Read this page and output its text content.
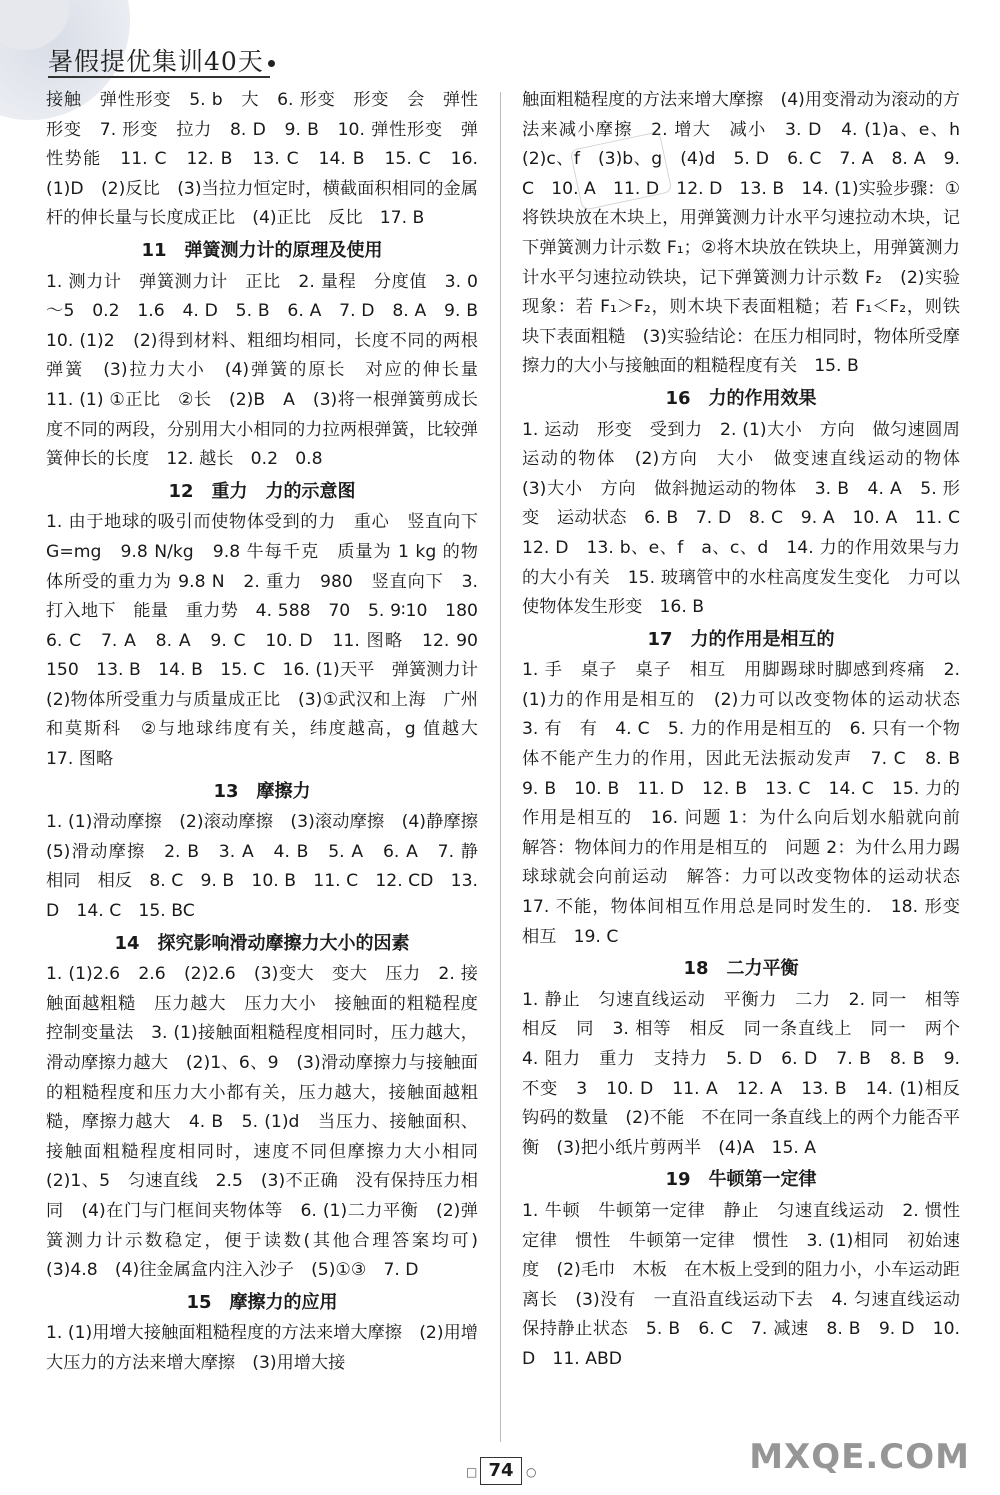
暑假提优集训40天
接触　弹性形变　5. b　大　6. 形变　形变　会　弹性形变　7. 形变　拉力　8. D　9. B　10. 弹性形变　弹性势能　11. C　12. B　13. C　14. B　15. C　16. (1)D　(2)反比　(3)当拉力恒定时，横截面积相同的金属杆的伸长量与长度成正比　(4)正比　反比　17. B
11　弹簧测力计的原理及使用
1. 测力计　弹簧测力计　正比　2. 量程　分度值　3. 0～5　0.2　1.6　4. D　5. B　6. A　7. D　8. A　9. B　10. (1)2　(2)得到材料、粗细均相同，长度不同的两根弹簧　(3)拉力大小　(4)弹簧的原长　对应的伸长量　11. (1) ①正比　②长　(2)B　A　(3)将一根弹簧剪成长度不同的两段，分别用大小相同的力拉两根弹簧，比较弹簧伸长的长度　12. 越长　0.2　0.8
12　重力　力的示意图
1. 由于地球的吸引而使物体受到的力　重心　竖直向下　G=mg　9.8 N/kg　9.8 牛每千克　质量为 1 kg 的物体所受的重力为 9.8 N　2. 重力　980　竖直向下　3. 打入地下　能量　重力势　4. 588　70　5. 9∶10　180　6. C　7. A　8. A　9. C　10. D　11. 图略　12. 90　150　13. B　14. B　15. C　16. (1)天平　弹簧测力计　(2)物体所受重力与质量成正比　(3)①武汉和上海　广州和莫斯科　②与地球纬度有关，纬度越高，g 值越大　17. 图略
13　摩擦力
1. (1)滑动摩擦　(2)滚动摩擦　(3)滚动摩擦　(4)静摩擦　(5)滑动摩擦　2. B　3. A　4. B　5. A　6. A　7. 静　相同　相反　8. C　9. B　10. B　11. C　12. CD　13. D　14. C　15. BC
14　探究影响滑动摩擦力大小的因素
1. (1)2.6　2.6　(2)2.6　(3)变大　变大　压力　2. 接触面越粗糙　压力越大　压力大小　接触面的粗糙程度　控制变量法　3. (1)接触面粗糙程度相同时，压力越大，滑动摩擦力越大　(2)1、6、9　(3)滑动摩擦力与接触面的粗糙程度和压力大小都有关，压力越大，接触面越粗糙，摩擦力越大　4. B　5. (1)d　当压力、接触面积、接触面粗糙程度相同时，速度不同但摩擦力大小相同　(2)1、5　匀速直线　2.5　(3)不正确　没有保持压力相同　(4)在门与门框间夹物体等　6. (1)二力平衡　(2)弹簧测力计示数稳定，便于读数(其他合理答案均可)　(3)4.8　(4)往金属盒内注入沙子　(5)①③　7. D
15　摩擦力的应用
1. (1)用增大接触面粗糙程度的方法来增大摩擦　(2)用增大压力的方法来增大摩擦　(3)用增大接
触面粗糙程度的方法来增大摩擦　(4)用变滑动为滚动的方法来减小摩擦　2. 增大　减小　3. D　4. (1)a、e、h　(2)c、f　(3)b、g　(4)d　5. D　6. C　7. A　8. A　9. C　10. A　11. D　12. D　13. B　14. (1)实验步骤：①将铁块放在木块上，用弹簧测力计水平匀速拉动木块，记下弹簧测力计示数 F₁；②将木块放在铁块上，用弹簧测力计水平匀速拉动铁块，记下弹簧测力计示数 F₂　(2)实验现象：若 F₁＞F₂，则木块下表面粗糙；若 F₁＜F₂，则铁块下表面粗糙　(3)实验结论：在压力相同时，物体所受摩擦力的大小与接触面的粗糙程度有关　15. B
16　力的作用效果
1. 运动　形变　受到力　2. (1)大小　方向　做匀速圆周运动的物体　(2)方向　大小　做变速直线运动的物体　(3)大小　方向　做斜抛运动的物体　3. B　4. A　5. 形变　运动状态　6. B　7. D　8. C　9. A　10. A　11. C　12. D　13. b、e、f　a、c、d　14. 力的作用效果与力的大小有关　15. 玻璃管中的水柱高度发生变化　力可以使物体发生形变　16. B
17　力的作用是相互的
1. 手　桌子　桌子　相互　用脚踢球时脚感到疼痛　2. (1)力的作用是相互的　(2)力可以改变物体的运动状态　3. 有　有　4. C　5. 力的作用是相互的　6. 只有一个物体不能产生力的作用，因此无法振动发声　7. C　8. B　9. B　10. B　11. D　12. B　13. C　14. C　15. 力的作用是相互的　16. 问题 1：为什么向后划水船就向前　解答：物体间力的作用是相互的　问题 2：为什么用力踢球球就会向前运动　解答：力可以改变物体的运动状态　17. 不能，物体间相互作用总是同时发生的.　18. 形变　相互　19. C
18　二力平衡
1. 静止　匀速直线运动　平衡力　二力　2. 同一　相等　相反　同　3. 相等　相反　同一条直线上　同一　两个　4. 阻力　重力　支持力　5. D　6. D　7. B　8. B　9. 不变　3　10. D　11. A　12. A　13. B　14. (1)相反　钩码的数量　(2)不能　不在同一条直线上的两个力能否平衡　(3)把小纸片剪两半　(4)A　15. A
19　牛顿第一定律
1. 牛顿　牛顿第一定律　静止　匀速直线运动　2. 惯性定律　惯性　牛顿第一定律　惯性　3. (1)相同　初始速度　(2)毛巾　木板　在木板上受到的阻力小，小车运动距离长　(3)没有　一直沿直线运动下去　4. 匀速直线运动　保持静止状态　5. B　6. C　7. 减速　8. B　9. D　10. D　11. ABD
□ 74	○	MXQE.COM
